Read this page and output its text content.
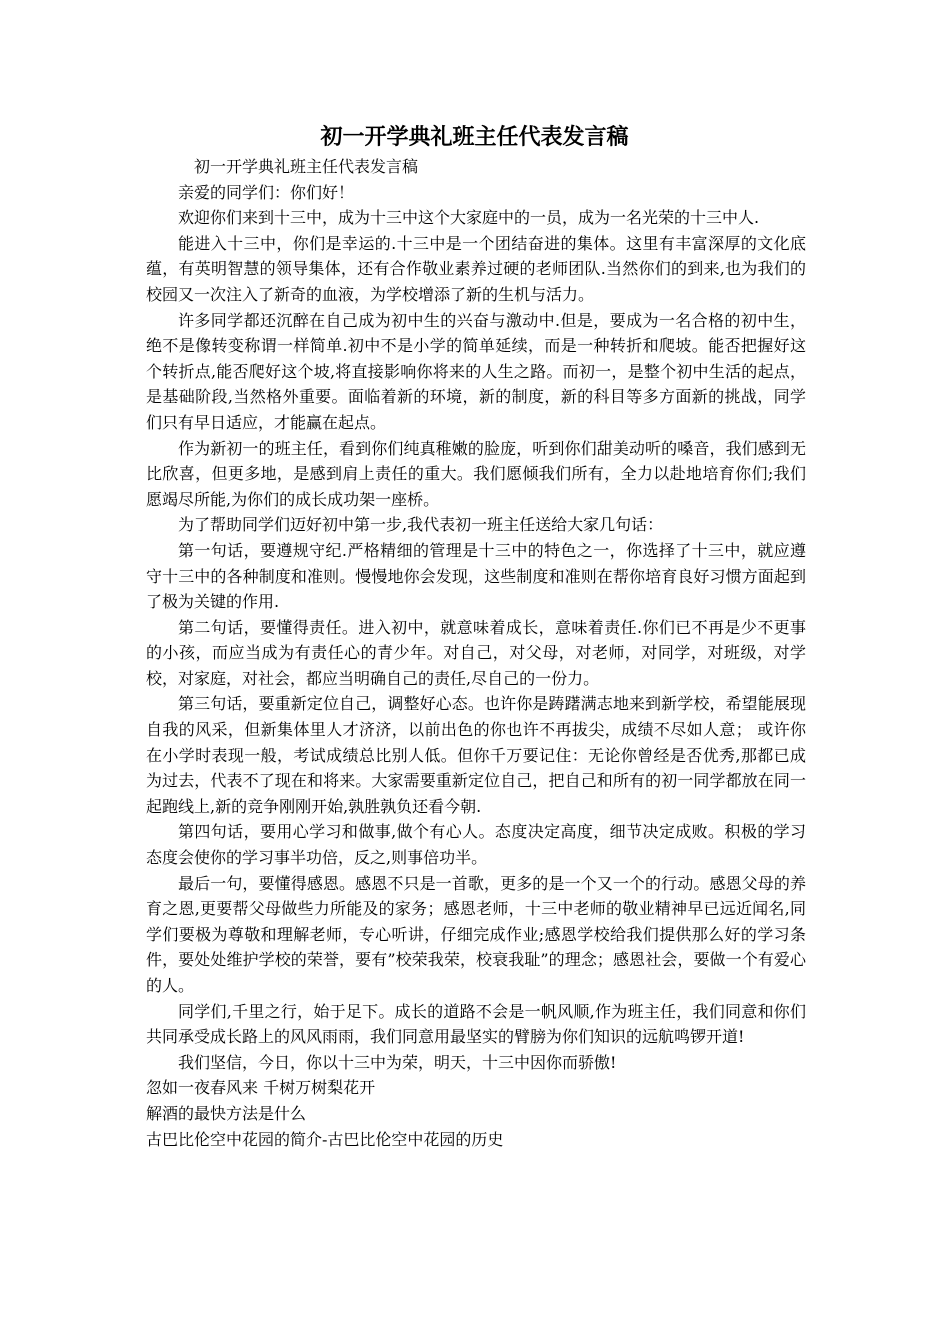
初一开学典礼班主任代表发言稿

初一开学典礼班主任代表发言稿

亲爱的同学们：你们好！

欢迎你们来到十三中，成为十三中这个大家庭中的一员，成为一名光荣的十三中人.

能进入十三中，你们是幸运的.十三中是一个团结奋进的集体。这里有丰富深厚的文化底蕴，有英明智慧的领导集体，还有合作敬业素养过硬的老师团队.当然你们的到来,也为我们的校园又一次注入了新奇的血液，为学校增添了新的生机与活力。

许多同学都还沉醉在自己成为初中生的兴奋与激动中.但是，要成为一名合格的初中生，绝不是像转变称谓一样简单.初中不是小学的简单延续，而是一种转折和爬坡。能否把握好这个转折点,能否爬好这个坡,将直接影响你将来的人生之路。而初一，是整个初中生活的起点，是基础阶段,当然格外重要。面临着新的环境，新的制度，新的科目等多方面新的挑战，同学们只有早日适应，才能赢在起点。

作为新初一的班主任，看到你们纯真稚嫩的脸庞，听到你们甜美动听的嗓音，我们感到无比欣喜，但更多地，是感到肩上责任的重大。我们愿倾我们所有，全力以赴地培育你们;我们愿竭尽所能,为你们的成长成功架一座桥。

为了帮助同学们迈好初中第一步,我代表初一班主任送给大家几句话：

第一句话，要遵规守纪.严格精细的管理是十三中的特色之一，你选择了十三中，就应遵守十三中的各种制度和准则。慢慢地你会发现，这些制度和准则在帮你培育良好习惯方面起到了极为关键的作用.

第二句话，要懂得责任。进入初中，就意味着成长，意味着责任.你们已不再是少不更事的小孩，而应当成为有责任心的青少年。对自己，对父母，对老师，对同学，对班级，对学校，对家庭，对社会，都应当明确自己的责任,尽自己的一份力。

第三句话，要重新定位自己，调整好心态。也许你是踌躇满志地来到新学校，希望能展现自我的风采，但新集体里人才济济，以前出色的你也许不再拔尖，成绩不尽如人意； 或许你在小学时表现一般，考试成绩总比别人低。但你千万要记住：无论你曾经是否优秀,那都已成为过去，代表不了现在和将来。大家需要重新定位自己，把自己和所有的初一同学都放在同一起跑线上,新的竞争刚刚开始,孰胜孰负还看今朝.

第四句话，要用心学习和做事,做个有心人。态度决定高度，细节决定成败。积极的学习态度会使你的学习事半功倍，反之,则事倍功半。

最后一句，要懂得感恩。感恩不只是一首歌，更多的是一个又一个的行动。感恩父母的养育之恩,更要帮父母做些力所能及的家务；感恩老师，十三中老师的敬业精神早已远近闻名,同学们要极为尊敬和理解老师，专心听讲，仔细完成作业;感恩学校给我们提供那么好的学习条件，要处处维护学校的荣誉，要有”校荣我荣，校衰我耻”的理念；感恩社会，要做一个有爱心的人。

同学们,千里之行，始于足下。成长的道路不会是一帆风顺,作为班主任，我们同意和你们共同承受成长路上的风风雨雨，我们同意用最坚实的臂膀为你们知识的远航鸣锣开道!

我们坚信，今日，你以十三中为荣，明天，十三中因你而骄傲!

忽如一夜春风来 千树万树梨花开

解酒的最快方法是什么

古巴比伦空中花园的简介-古巴比伦空中花园的历史
